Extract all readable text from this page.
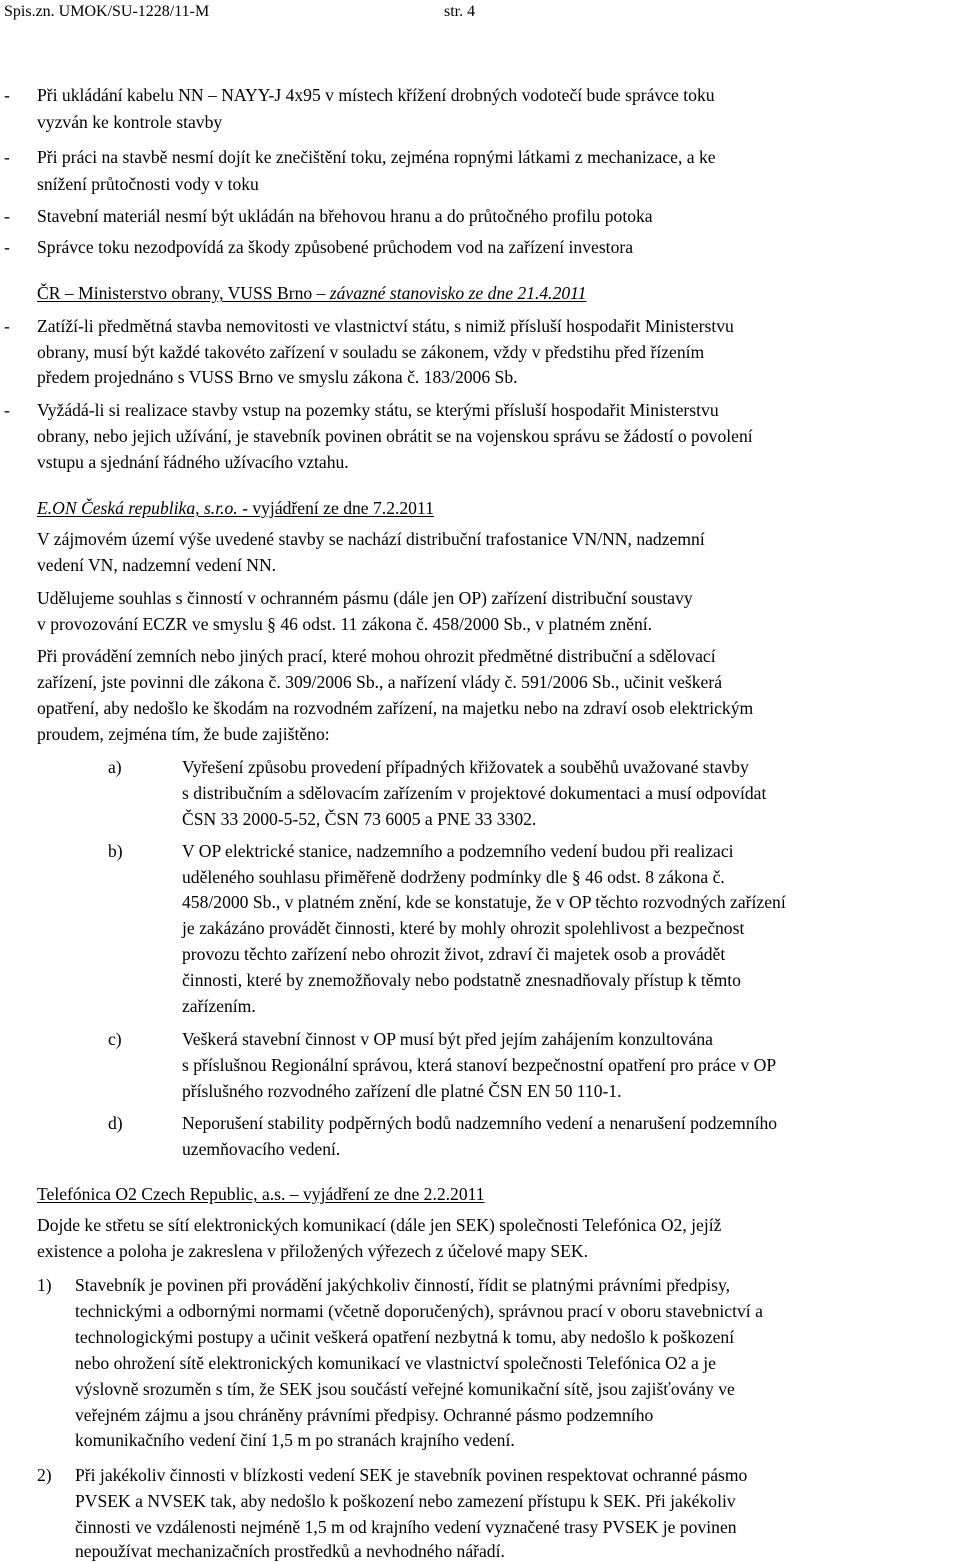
Spis.zn. UMOK/SU-1228/11-M	str. 4
- Při ukládání kabelu NN – NAYY-J 4x95 v místech křížení drobných vodotečí bude správce toku
vyzván ke kontrole stavby
- Při práci na stavbě nesmí dojít ke znečištění toku, zejména ropnými látkami z mechanizace, a ke
snížení průtočnosti vody v toku
- Stavební materiál nesmí být ukládán na břehovou hranu a do průtočného profilu potoka
- Správce toku nezodpovídá za škody způsobené průchodem vod na zařízení investora
ČR – Ministerstvo obrany, VUSS Brno – závazné stanovisko ze dne 21.4.2011
- Zatíží-li předmětná stavba nemovitosti ve vlastnictví státu, s nimiž přísluší hospodařit Ministerstvu
obrany, musí být každé takovéto zařízení v souladu se zákonem, vždy v předstihu před řízením
předem projednáno s VUSS Brno ve smyslu zákona č. 183/2006 Sb.
- Vyžádá-li si realizace stavby vstup na pozemky státu, se kterými přísluší hospodařit Ministerstvu
obrany, nebo jejich užívání, je stavebník povinen obrátit se na vojenskou správu se žádostí o povolení
vstupu a sjednání řádného užívacího vztahu.
E.ON Česká republika, s.r.o. - vyjádření ze dne 7.2.2011
V zájmovém území výše uvedené stavby se nachází distribuční trafostanice VN/NN, nadzemní
vedení VN, nadzemní vedení NN.
Udělujeme souhlas s činností v ochranném pásmu (dále jen OP) zařízení distribuční soustavy
v provozování ECZR ve smyslu § 46 odst. 11 zákona č. 458/2000 Sb., v platném znění.
Při provádění zemních nebo jiných prací, které mohou ohrozit předmětné distribuční a sdělovací
zařízení, jste povinni dle zákona č. 309/2006 Sb., a nařízení vlády č. 591/2006 Sb., učinit veškerá
opatření, aby nedošlo ke škodám na rozvodném zařízení, na majetku nebo na zdraví osob elektrickým
proudem, zejména tím, že bude zajištěno:
a)	Vyřešení způsobu provedení případných křižovatek a souběhů uvažované stavby
s distribučním a sdělovacím zařízením v projektové dokumentaci a musí odpovídat
ČSN 33 2000-5-52, ČSN 73 6005 a PNE 33 3302.
b)	V OP elektrické stanice, nadzemního a podzemního vedení budou při realizaci
uděleného souhlasu přiměřeně dodrženy podmínky dle § 46 odst. 8 zákona č.
458/2000 Sb., v platném znění, kde se konstatuje, že v OP těchto rozvodných zařízení
je zakázáno provádět činnosti, které by mohly ohrozit spolehlivost a bezpečnost
provozu těchto zařízení nebo ohrozit život, zdraví či majetek osob a provádět
činnosti, které by znemožňovaly nebo podstatně znesnadňovaly přístup k těmto
zařízením.
c)	Veškerá stavební činnost v OP musí být před jejím zahájením konzultována
s příslušnou Regionální správou, která stanoví bezpečnostní opatření pro práce v OP
příslušného rozvodného zařízení dle platné ČSN EN 50 110-1.
d)	Neporušení stability podpěrných bodů nadzemního vedení a nenarušení podzemního
uzemňovacího vedení.
Telefónica O2 Czech Republic, a.s. – vyjádření ze dne 2.2.2011
Dojde ke střetu se sítí elektronických komunikací (dále jen SEK) společnosti Telefónica O2, jejíž
existence a poloha je zakreslena v přiložených výřezech z účelové mapy SEK.
1) Stavebník je povinen při provádění jakýchkoliv činností, řídit se platnými právními předpisy,
technickými a odbornými normami (včetně doporučených), správnou prací v oboru stavebnictví a
technologickými postupy a učinit veškerá opatření nezbytná k tomu, aby nedošlo k poškození
nebo ohrožení sítě elektronických komunikací ve vlastnictví společnosti Telefónica O2 a je
výslovně srozuměn s tím, že SEK jsou součástí veřejné komunikační sítě, jsou zajišťovány ve
veřejném zájmu a jsou chráněny právními předpisy. Ochranné pásmo podzemního
komunikačního vedení činí 1,5 m po stranách krajního vedení.
2) Při jakékoliv činnosti v blízkosti vedení SEK je stavebník povinen respektovat ochranné pásmo
PVSEK a NVSEK tak, aby nedošlo k poškození nebo zamezení přístupu k SEK. Při jakékoliv
činnosti ve vzdálenosti nejméně 1,5 m od krajního vedení vyznačené trasy PVSEK je povinen
nepoužívat mechanizačních prostředků a nevhodného nářadí.
